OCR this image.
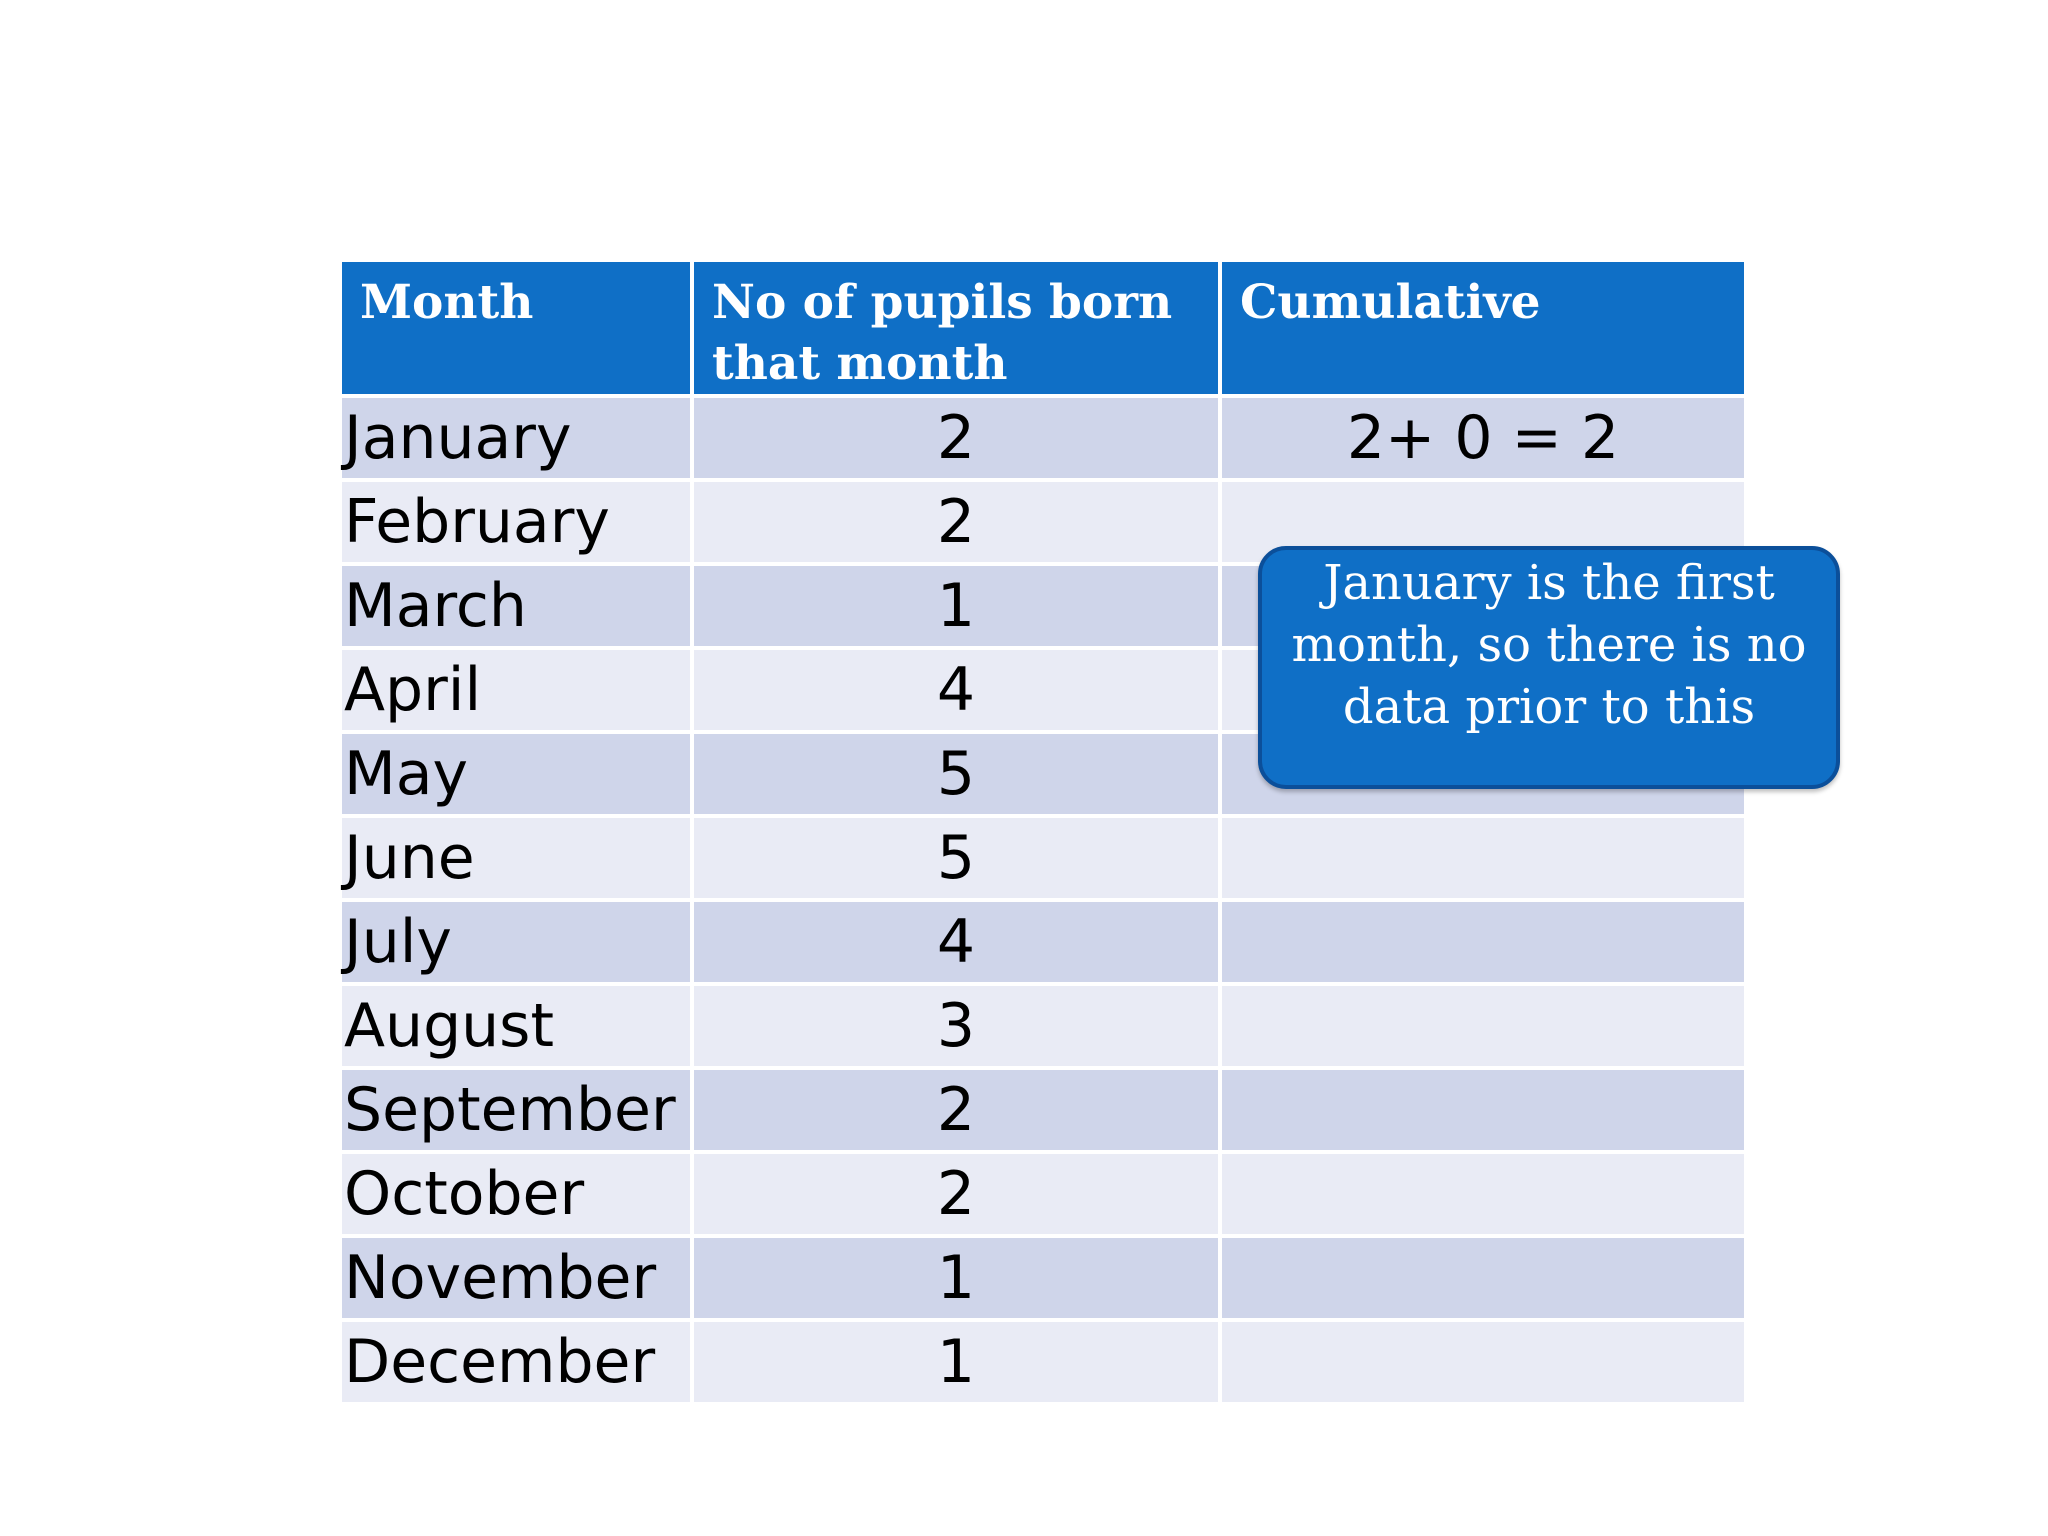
Month	No of pupils born that month	Cumulative
January	2	2+ 0 = 2
February	2	
March	1	
April	4	
May	5	
June	5	
July	4	
August	3	
September	2	
October	2	
November	1	
December	1	
January is the first month, so there is no data prior to this
